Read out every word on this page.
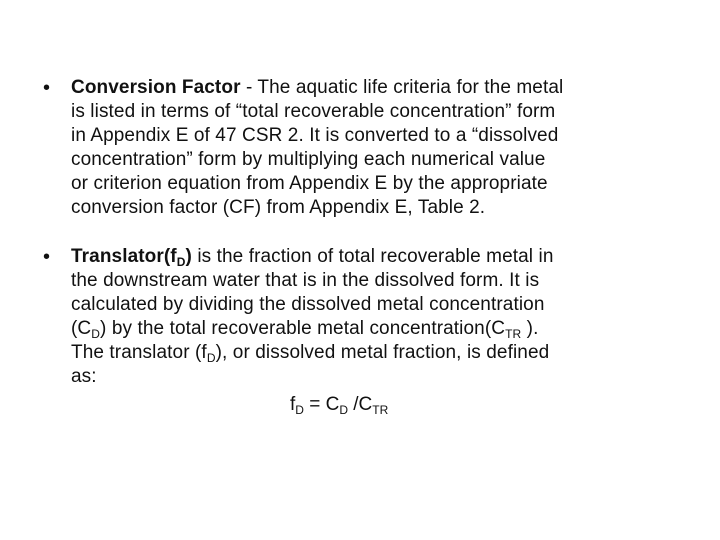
• Conversion Factor - The aquatic life criteria for the metal
is listed in terms of “total recoverable concentration” form
in Appendix E of 47 CSR 2. It is converted to a “dissolved
concentration” form by multiplying each numerical value
or criterion equation from Appendix E by the appropriate
conversion factor (CF) from Appendix E, Table 2.
• $Translator(f_D)$ is the fraction of total recoverable metal in
the downstream water that is in the dissolved form. It is
calculated by dividing the dissolved metal concentration
$(C_D)$ by the total recoverable metal $concentration(C_{TR}$ ).
The translator $(f_D)$, or dissolved metal fraction, is defined
as:
$f_D = C_D$ $/C_{TR}$
